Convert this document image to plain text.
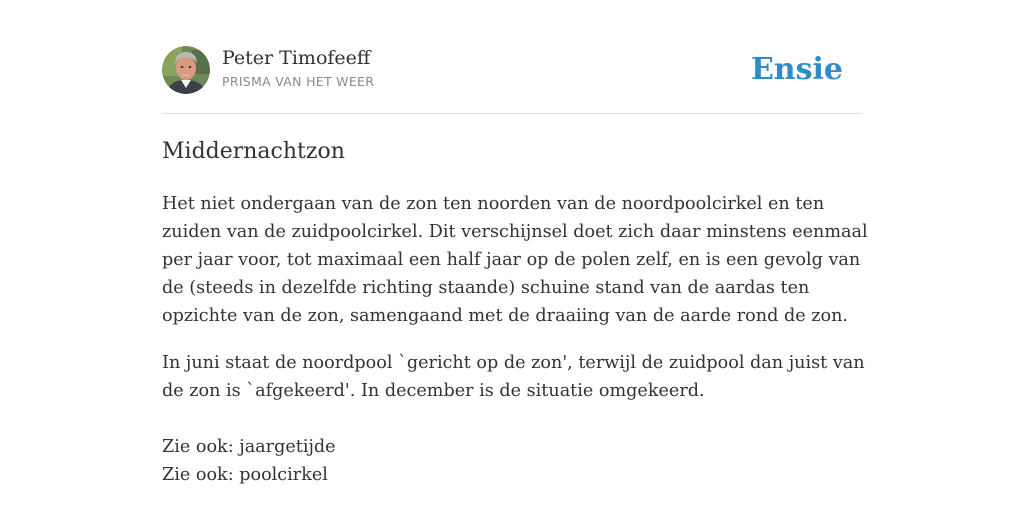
Peter Timofeeff
PRISMA VAN HET WEER	Ensie
Middernachtzon

Het niet ondergaan van de zon ten noorden van de noordpoolcirkel en ten zuiden van de zuidpoolcirkel. Dit verschijnsel doet zich daar minstens eenmaal per jaar voor, tot maximaal een half jaar op de polen zelf, en is een gevolg van de (steeds in dezelfde richting staande) schuine stand van de aardas ten opzichte van de zon, samengaand met de draaiing van de aarde rond de zon.

In juni staat de noordpool `gericht op de zon', terwijl de zuidpool dan juist van de zon is `afgekeerd'. In december is de situatie omgekeerd.

Zie ook: jaargetijde
Zie ook: poolcirkel
